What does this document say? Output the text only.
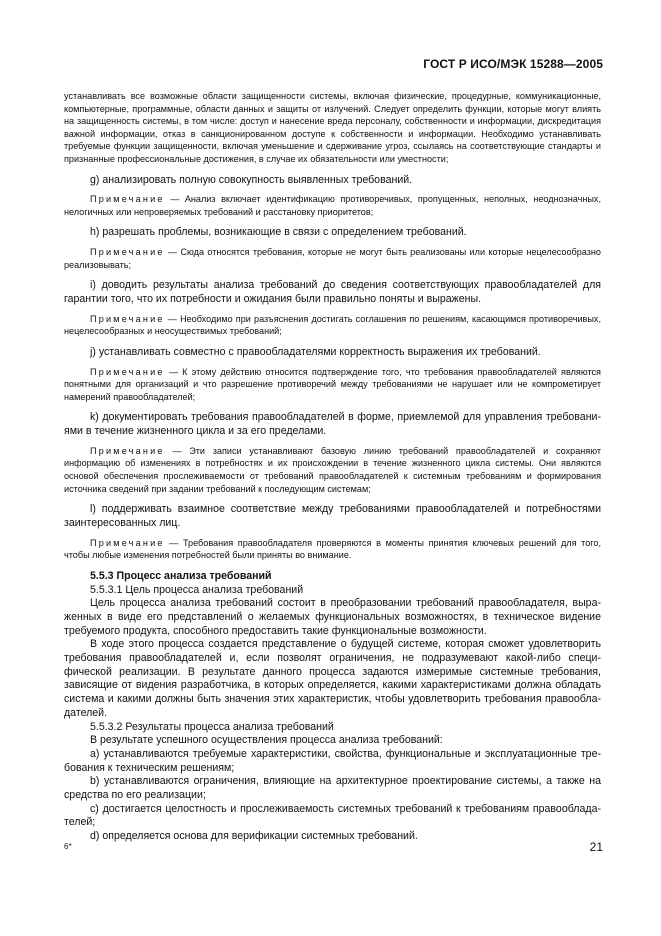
ГОСТ Р ИСО/МЭК 15288—2005

устанавливать все возможные области защищенности системы, включая физические, процедурные, коммуникационные, компьютерные, программные, области данных и защиты от излучений. Следует определить функции, которые могут влиять на защищенность системы, в том числе: доступ и нанесение вреда персоналу, собственности и информации, дискредитация важной информации, отказ в санкционированном доступе к собственности и информации. Необходимо устанавливать требуемые функции защищенности, включая уменьшение и сдерживание угроз, ссылаясь на соответствующие стандарты и признанные профессиональные достижения, в случае их обязательности или уместности;

g) анализировать полную совокупность выявленных требований.

Примечание — Анализ включает идентификацию противоречивых, пропущенных, неполных, неоднозначных, нелогичных или непроверяемых требований и расстановку приоритетов;

h) разрешать проблемы, возникающие в связи с определением требований.

Примечание — Сюда относятся требования, которые не могут быть реализованы или которые нецелесообразно реализовывать;

i) доводить результаты анализа требований до сведения соответствующих правообладателей для гарантии того, что их потребности и ожидания были правильно поняты и выражены.

Примечание — Необходимо при разъяснения достигать соглашения по решениям, касающимся противоречивых, нецелесообразных и неосуществимых требований;

j) устанавливать совместно с правообладателями корректность выражения их требований.

Примечание — К этому действию относится подтверждение того, что требования правообладателей являются понятными для организаций и что разрешение противоречий между требованиями не нарушает или не компрометирует намерений правообладателей;

k) документировать требования правообладателей в форме, приемлемой для управления требованиями в течение жизненного цикла и за его пределами.

Примечание — Эти записи устанавливают базовую линию требований правообладателей и сохраняют информацию об изменениях в потребностях и их происхождении в течение жизненного цикла системы. Они являются основой обеспечения прослеживаемости от требований правообладателей к системным требованиям и формирования источника сведений при задании требований к последующим системам;

l) поддерживать взаимное соответствие между требованиями правообладателей и потребностями заинтересованных лиц.

Примечание — Требования правообладателя проверяются в моменты принятия ключевых решений для того, чтобы любые изменения потребностей были приняты во внимание.

5.5.3 Процесс анализа требований

5.5.3.1 Цель процесса анализа требований

Цель процесса анализа требований состоит в преобразовании требований правообладателя, выраженных в виде его представлений о желаемых функциональных возможностях, в техническое видение требуемого продукта, способного предоставить такие функциональные возможности.

В ходе этого процесса создается представление о будущей системе, которая сможет удовлетворить требования правообладателей и, если позволят ограничения, не подразумевают какой-либо специфической реализации. В результате данного процесса задаются измеримые системные требования, зависящие от видения разработчика, в которых определяется, какими характеристиками должна обладать система и какими должны быть значения этих характеристик, чтобы удовлетворить требования правообладателей.

5.5.3.2 Результаты процесса анализа требований

В результате успешного осуществления процесса анализа требований:

a) устанавливаются требуемые характеристики, свойства, функциональные и эксплуатационные требования к техническим решениям;

b) устанавливаются ограничения, влияющие на архитектурное проектирование системы, а также на средства по его реализации;

c) достигается целостность и прослеживаемость системных требований к требованиям правообладателей;

d) определяется основа для верификации системных требований.

6*	21
